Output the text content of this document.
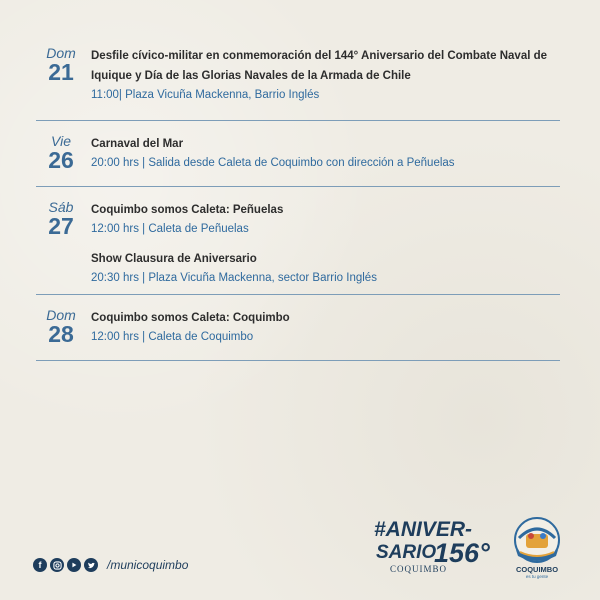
Dom
21
Desfile cívico-militar en conmemoración del 144° Aniversario del Combate Naval de Iquique y Día de las Glorias Navales de la Armada de Chile
11:00| Plaza Vicuña Mackenna, Barrio Inglés
Vie
26
Carnaval del Mar
20:00 hrs | Salida desde Caleta de Coquimbo con dirección a Peñuelas
Sáb
27
Coquimbo somos Caleta: Peñuelas
12:00 hrs | Caleta de Peñuelas
Show Clausura de Aniversario
20:30 hrs | Plaza Vicuña Mackenna, sector Barrio Inglés
Dom
28
Coquimbo somos Caleta: Coquimbo
12:00 hrs | Caleta de Coquimbo
f	/municoquimbo
#ANIVER-
SARIO
156°
COQUIMBO	COQUIMBO
es tu gente
